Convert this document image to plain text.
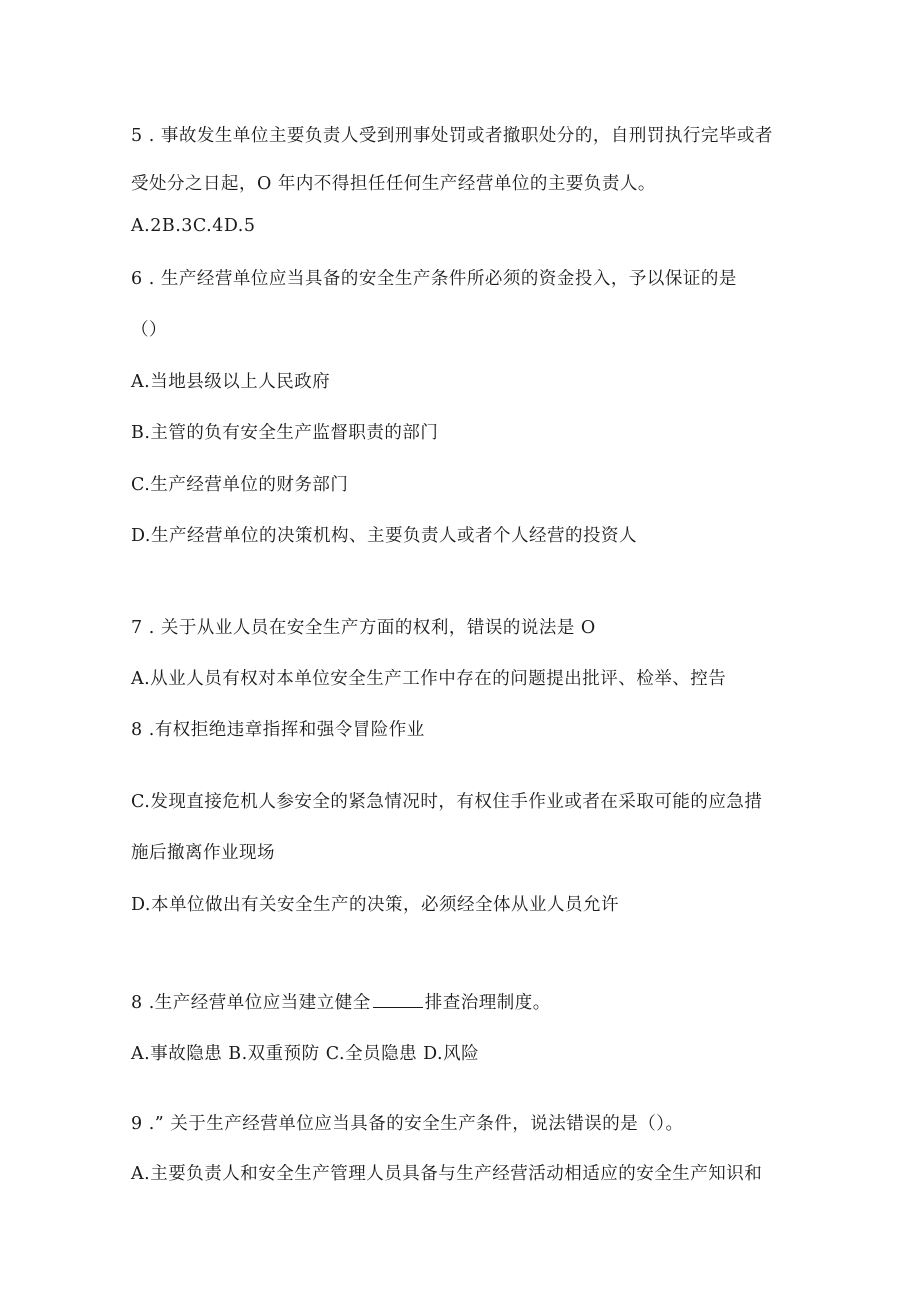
5 . 事故发生单位主要负责人受到刑事处罚或者撤职处分的，自刑罚执行完毕或者
受处分之日起，O 年内不得担任任何生产经营单位的主要负责人。
A.2B.3C.4D.5
6 . 生产经营单位应当具备的安全生产条件所必须的资金投入，予以保证的是
（）
A.当地县级以上人民政府
B.主管的负有安全生产监督职责的部门
C.生产经营单位的财务部门
D.生产经营单位的决策机构、主要负责人或者个人经营的投资人
7 . 关于从业人员在安全生产方面的权利，错误的说法是 O
A.从业人员有权对本单位安全生产工作中存在的问题提出批评、检举、控告
8 .有权拒绝违章指挥和强令冒险作业
C.发现直接危机人参安全的紧急情况时，有权住手作业或者在采取可能的应急措
施后撤离作业现场
D.本单位做出有关安全生产的决策，必须经全体从业人员允许
8 .生产经营单位应当建立健全	排查治理制度。
A.事故隐患 B.双重预防 C.全员隐患 D.风险
9 .” 关于生产经营单位应当具备的安全生产条件，说法错误的是（）。
A.主要负责人和安全生产管理人员具备与生产经营活动相适应的安全生产知识和
